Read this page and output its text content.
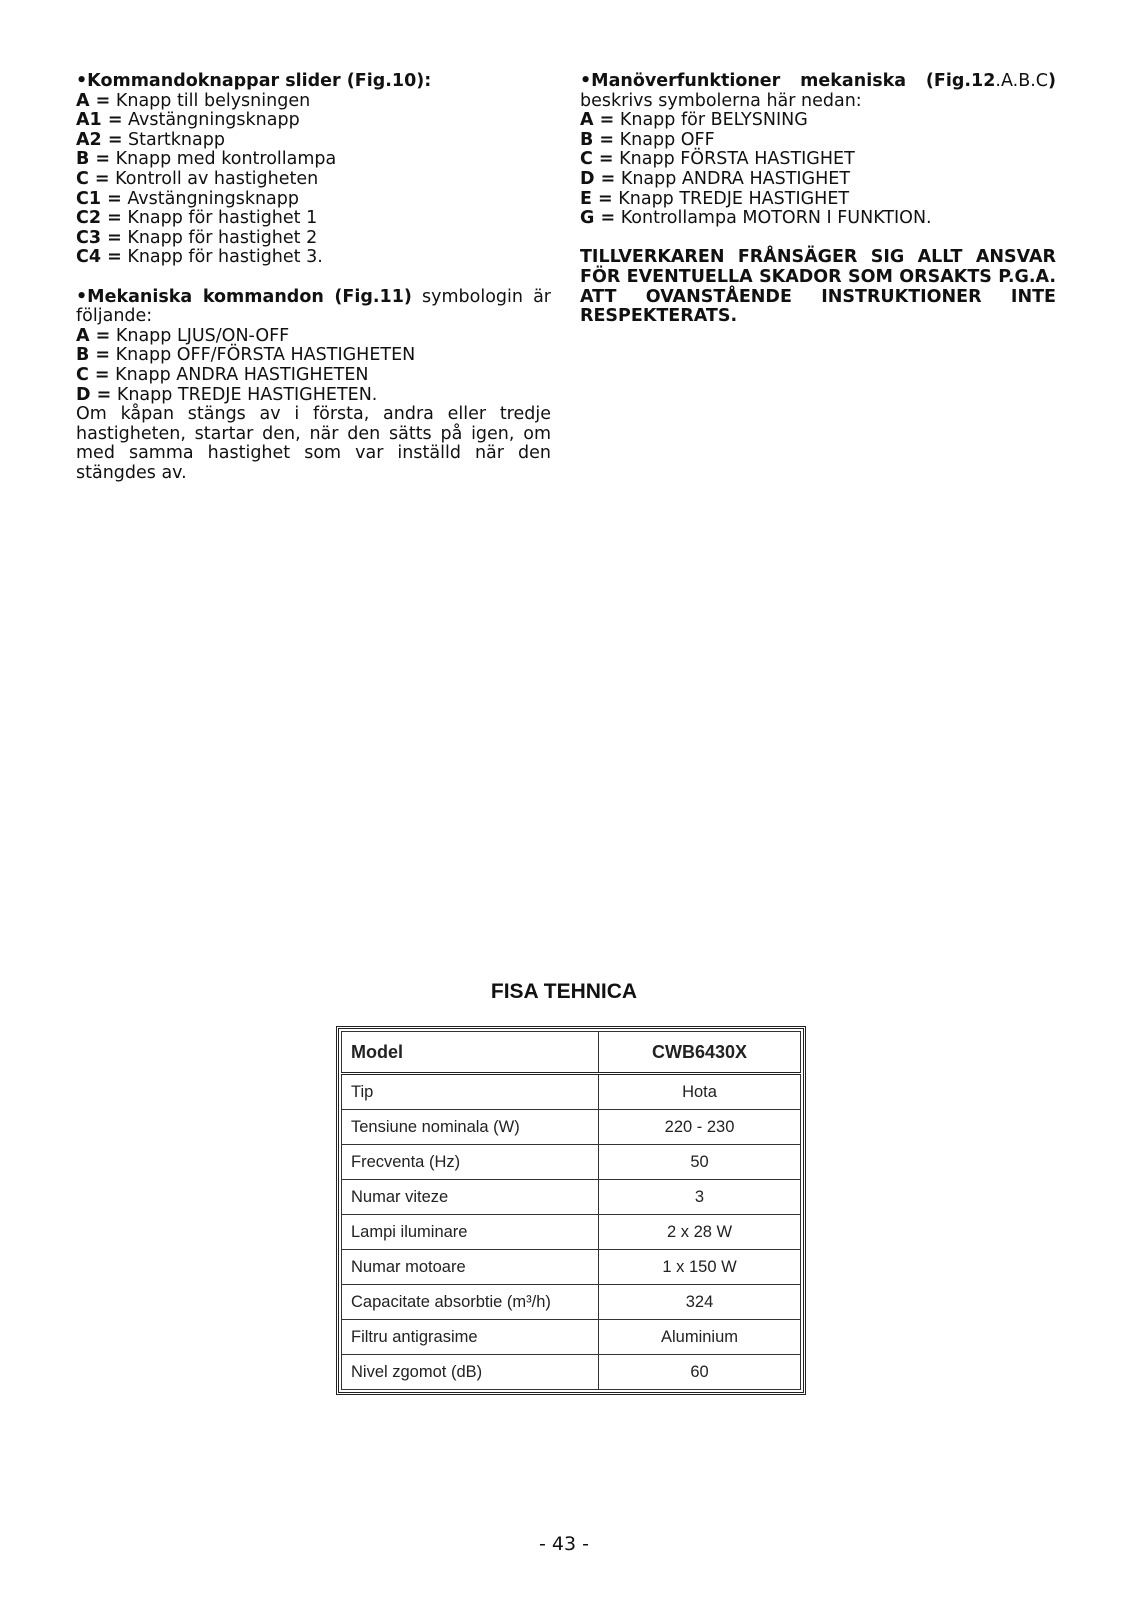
•Kommandoknappar slider (Fig.10):
A = Knapp till belysningen
A1 = Avstängningsknapp
A2 = Startknapp
B = Knapp med kontrollampa
C = Kontroll av hastigheten
C1 = Avstängningsknapp
C2 = Knapp för hastighet 1
C3 = Knapp för hastighet 2
C4 = Knapp för hastighet 3.
•Mekaniska kommandon (Fig.11) symbologin är följande:
A = Knapp LJUS/ON-OFF
B = Knapp OFF/FÖRSTA HASTIGHETEN
C = Knapp ANDRA HASTIGHETEN
D = Knapp TREDJE HASTIGHETEN.
Om kåpan stängs av i första, andra eller tredje hastigheten, startar den, när den sätts på igen, om med samma hastighet som var inställd när den stängdes av.
•Manöverfunktioner mekaniska (Fig.12.A.B.C) beskrivs symbolerna här nedan:
A = Knapp för BELYSNING
B = Knapp OFF
C = Knapp FÖRSTA HASTIGHET
D = Knapp ANDRA HASTIGHET
E = Knapp TREDJE HASTIGHET
G = Kontrollampa MOTORN I FUNKTION.
TILLVERKAREN FRÅNSÄGER SIG ALLT ANSVAR FÖR EVENTUELLA SKADOR SOM ORSAKTS P.G.A. ATT OVANSTÅENDE INSTRUKTIONER INTE RESPEKTERATS.
FISA TEHNICA
Model	CWB6430X
Tip	Hota
Tensiune nominala (W)	220 - 230
Frecventa (Hz)	50
Numar viteze	3
Lampi iluminare	2 x 28 W
Numar motoare	1 x 150 W
Capacitate absorbtie (m³/h)	324
Filtru antigrasime	Aluminium
Nivel zgomot (dB)	60
- 43 -
